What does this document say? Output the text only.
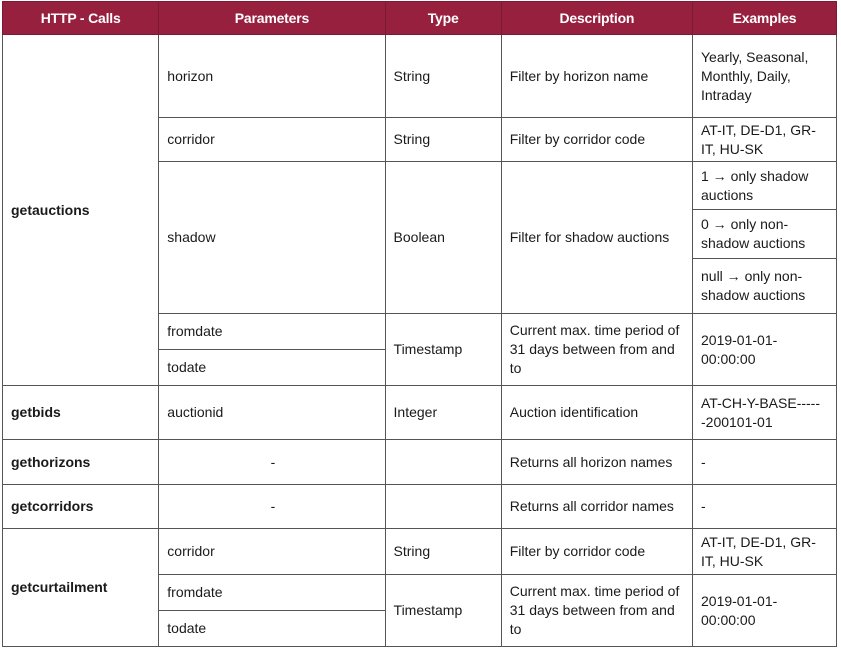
HTTP - Calls	Parameters	Type	Description	Examples
getauctions	horizon	String	Filter by horizon name	Yearly, Seasonal, Monthly, Daily, Intraday
	corridor	String	Filter by corridor code	AT-IT, DE-D1, GR-IT, HU-SK
	shadow	Boolean	Filter for shadow auctions	1 → only shadow auctions
				0 → only non-shadow auctions
				null → only non-shadow auctions
	fromdate	Timestamp	Current max. time period of 31 days between from and to	2019-01-01-00:00:00
	todate			
getbids	auctionid	Integer	Auction identification	AT-CH-Y-BASE------200101-01
gethorizons	-		Returns all horizon names	-
getcorridors	-		Returns all corridor names	-
getcurtailment	corridor	String	Filter by corridor code	AT-IT, DE-D1, GR-IT, HU-SK
	fromdate	Timestamp	Current max. time period of 31 days between from and to	2019-01-01-00:00:00
	todate			
